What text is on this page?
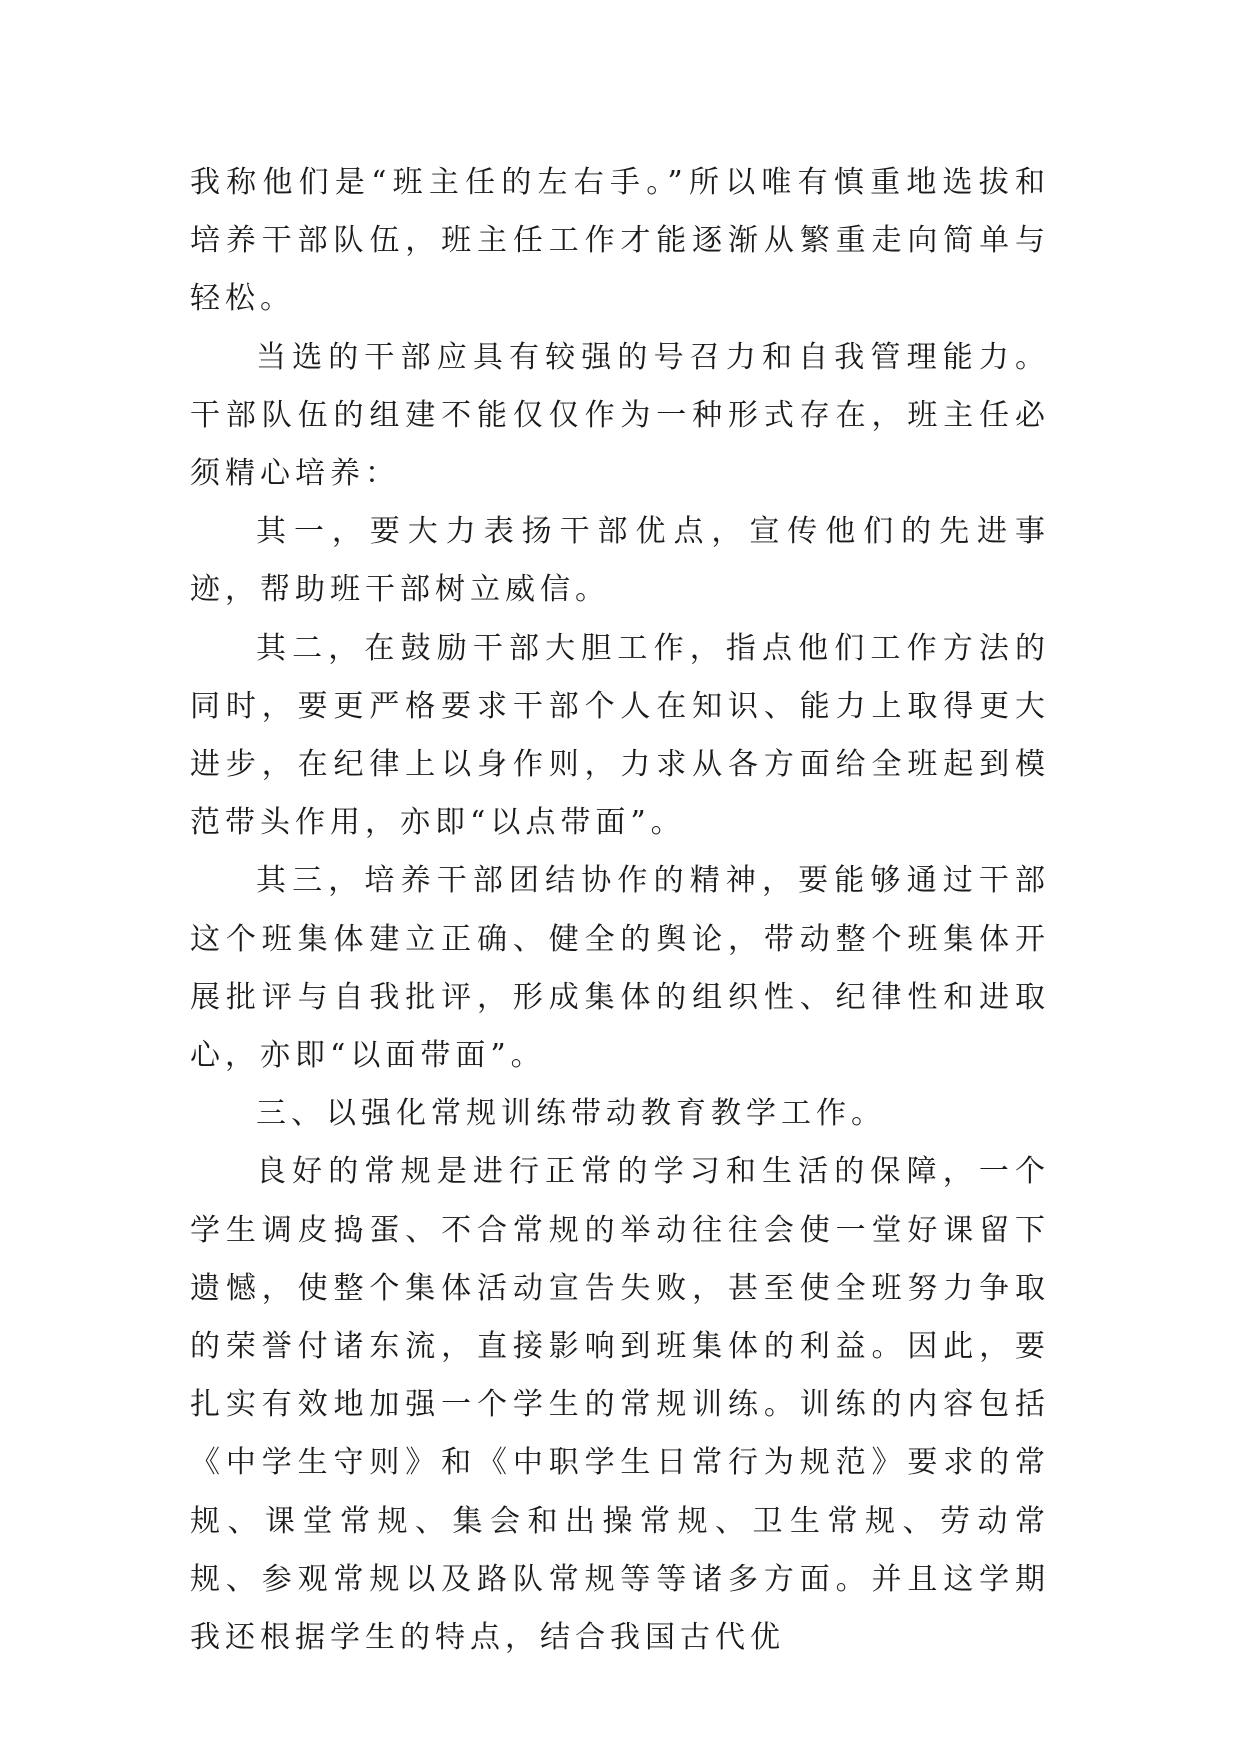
我称他们是“班主任的左右手。”所以唯有慎重地选拔和培养干部队伍，班主任工作才能逐渐从繁重走向简单与轻松。

当选的干部应具有较强的号召力和自我管理能力。干部队伍的组建不能仅仅作为一种形式存在，班主任必须精心培养：

其一，要大力表扬干部优点，宣传他们的先进事迹，帮助班干部树立威信。

其二，在鼓励干部大胆工作，指点他们工作方法的同时，要更严格要求干部个人在知识、能力上取得更大进步，在纪律上以身作则，力求从各方面给全班起到模范带头作用，亦即“以点带面”。

其三，培养干部团结协作的精神，要能够通过干部这个班集体建立正确、健全的舆论，带动整个班集体开展批评与自我批评，形成集体的组织性、纪律性和进取心，亦即“以面带面”。

三、以强化常规训练带动教育教学工作。

良好的常规是进行正常的学习和生活的保障，一个学生调皮捣蛋、不合常规的举动往往会使一堂好课留下遗憾，使整个集体活动宣告失败，甚至使全班努力争取的荣誉付诸东流，直接影响到班集体的利益。因此，要扎实有效地加强一个学生的常规训练。训练的内容包括《中学生守则》和《中职学生日常行为规范》要求的常规、课堂常规、集会和出操常规、卫生常规、劳动常规、参观常规以及路队常规等等诸多方面。并且这学期我还根据学生的特点，结合我国古代优
